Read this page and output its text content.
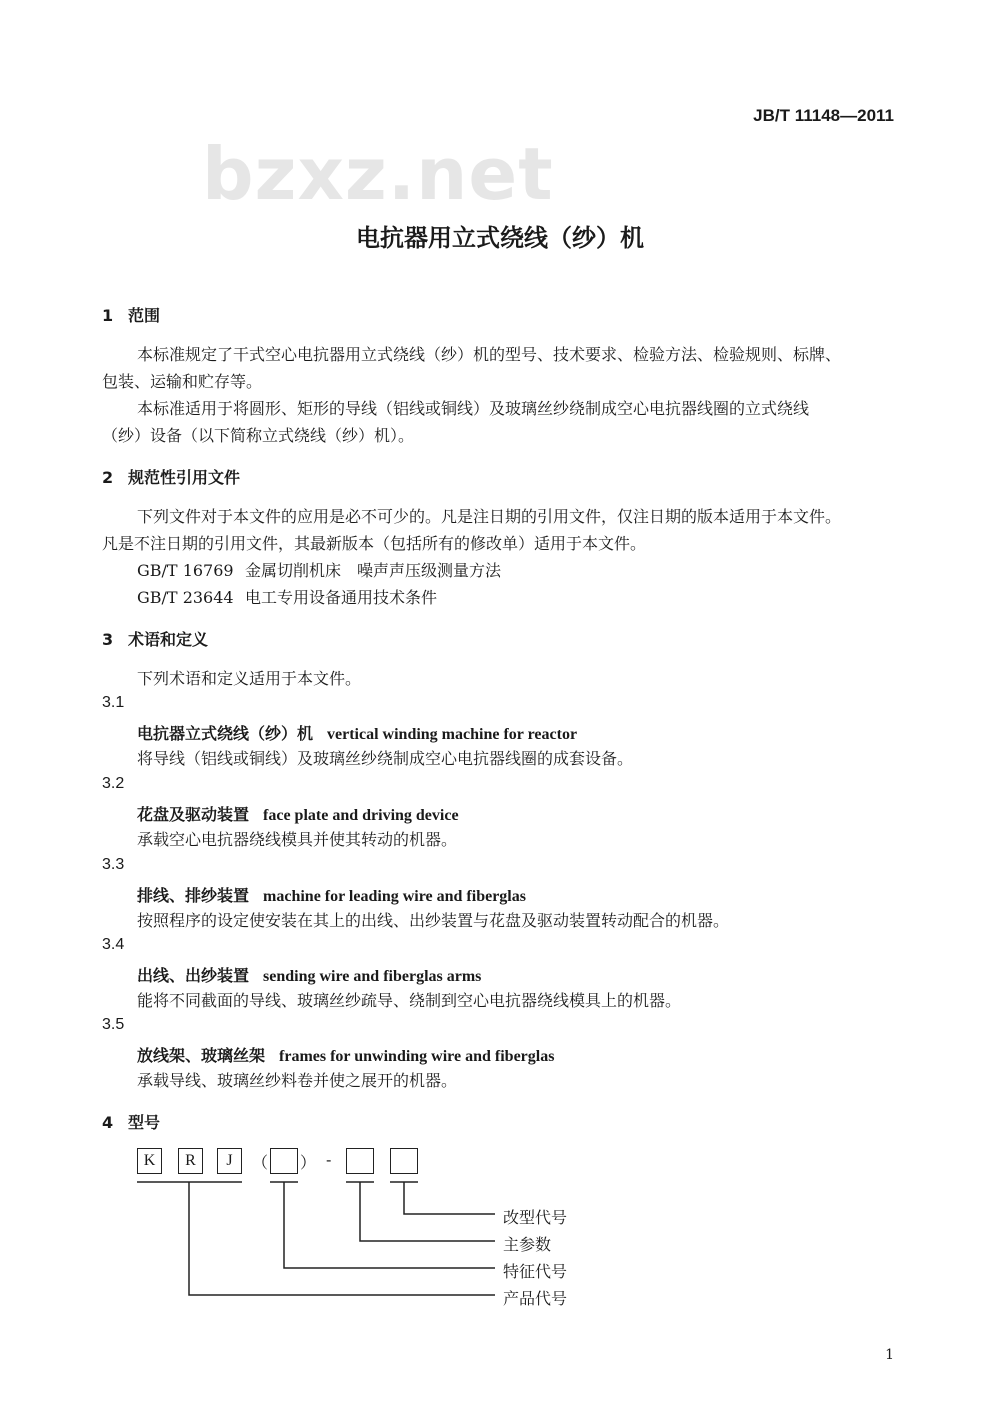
JB/T 11148—2011
bzxz.net
电抗器用立式绕线（纱）机
1 范围
本标准规定了干式空心电抗器用立式绕线（纱）机的型号、技术要求、检验方法、检验规则、标牌、
包装、运输和贮存等。
本标准适用于将圆形、矩形的导线（铝线或铜线）及玻璃丝纱绕制成空心电抗器线圈的立式绕线
（纱）设备（以下简称立式绕线（纱）机）。
2 规范性引用文件
下列文件对于本文件的应用是必不可少的。凡是注日期的引用文件，仅注日期的版本适用于本文件。
凡是不注日期的引用文件，其最新版本（包括所有的修改单）适用于本文件。
GB/T 16769 金属切削机床　噪声声压级测量方法
GB/T 23644 电工专用设备通用技术条件
3 术语和定义
下列术语和定义适用于本文件。
3.1
电抗器立式绕线（纱）机 vertical winding machine for reactor
将导线（铝线或铜线）及玻璃丝纱绕制成空心电抗器线圈的成套设备。
3.2
花盘及驱动装置 face plate and driving device
承载空心电抗器绕线模具并使其转动的机器。
3.3
排线、排纱装置 machine for leading wire and fiberglas
按照程序的设定使安装在其上的出线、出纱装置与花盘及驱动装置转动配合的机器。
3.4
出线、出纱装置 sending wire and fiberglas arms
能将不同截面的导线、玻璃丝纱疏导、绕制到空心电抗器绕线模具上的机器。
3.5
放线架、玻璃丝架 frames for unwinding wire and fiberglas
承载导线、玻璃丝纱料卷并使之展开的机器。
4 型号
K	R	J	（ ） -
改型代号
主参数
特征代号
产品代号
1
